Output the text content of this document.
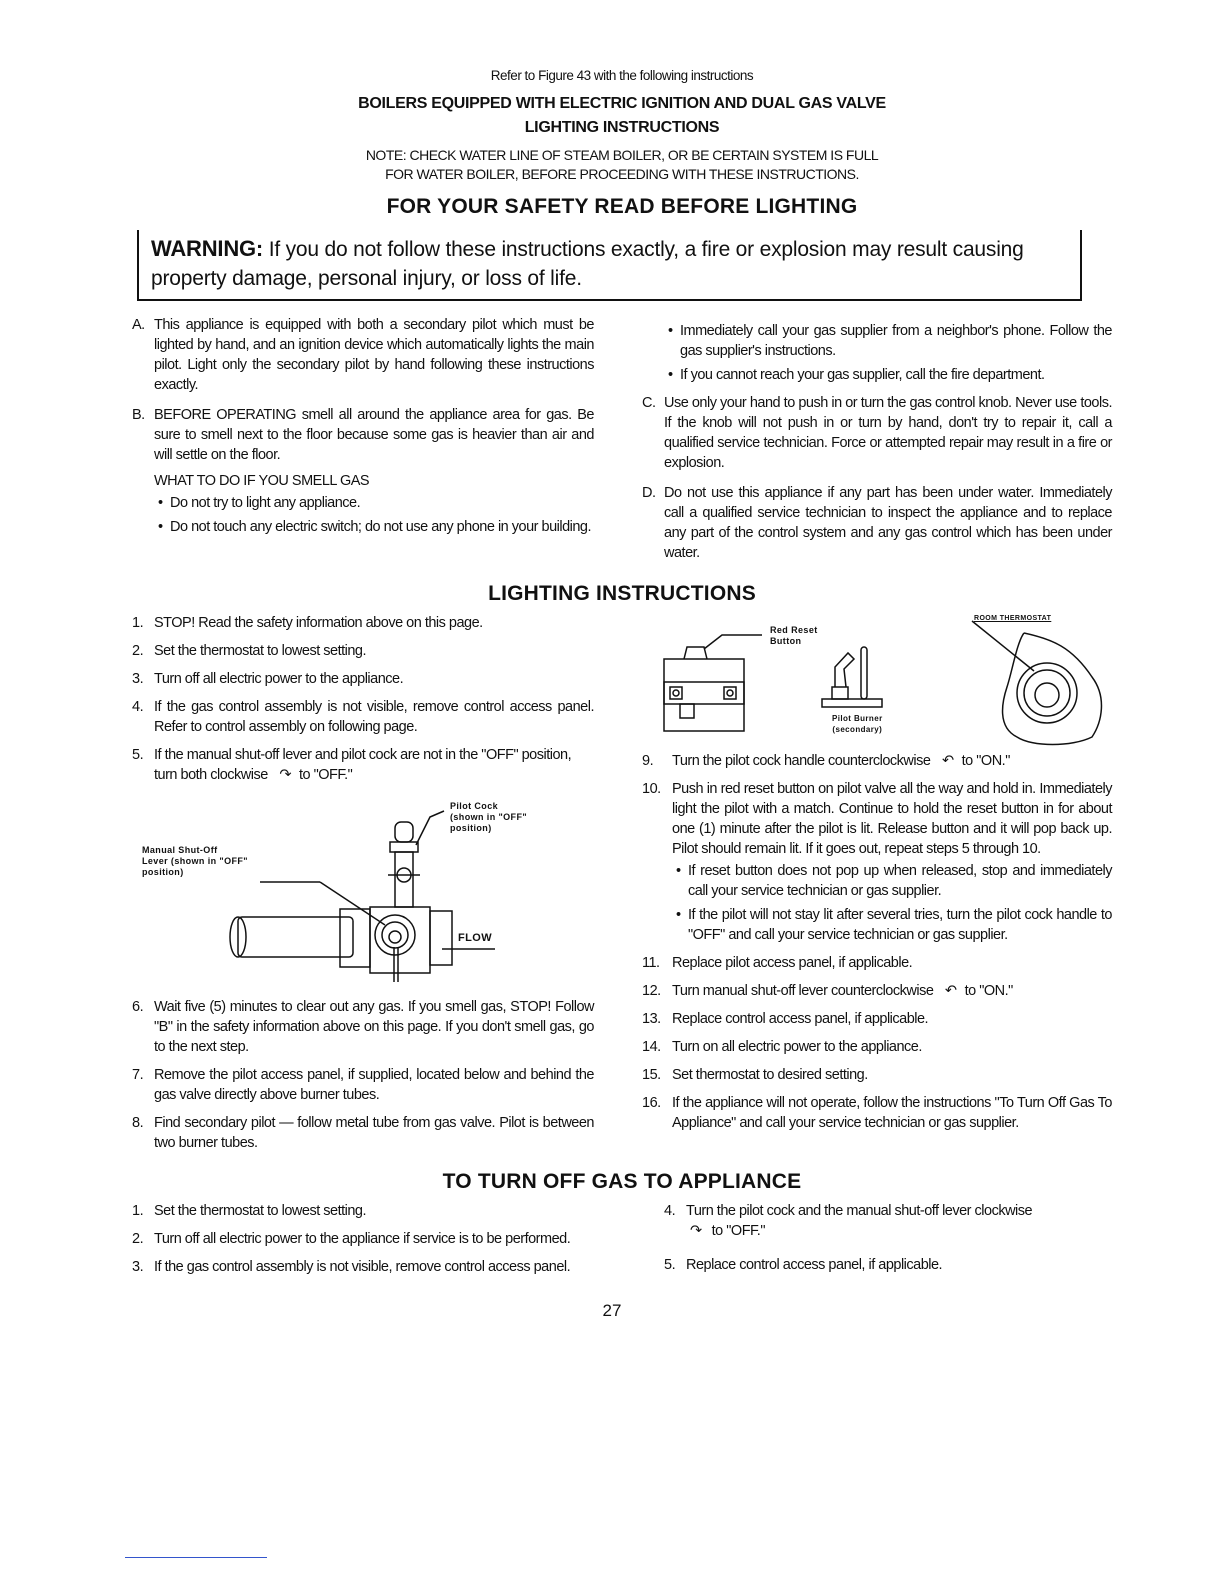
Refer to Figure 43 with the following instructions
BOILERS EQUIPPED WITH ELECTRIC IGNITION AND DUAL GAS VALVE
LIGHTING INSTRUCTIONS
NOTE: CHECK WATER LINE OF STEAM BOILER, OR BE CERTAIN SYSTEM IS FULL
FOR WATER BOILER, BEFORE PROCEEDING WITH THESE INSTRUCTIONS.
FOR YOUR SAFETY READ BEFORE LIGHTING
WARNING: If you do not follow these instructions exactly, a fire or explosion may result causing property damage, personal injury, or loss of life.
A. This appliance is equipped with both a secondary pilot which must be lighted by hand, and an ignition device which automatically lights the main pilot. Light only the secondary pilot by hand following these instructions exactly.
B. BEFORE OPERATING smell all around the appliance area for gas. Be sure to smell next to the floor because some gas is heavier than air and will settle on the floor.
WHAT TO DO IF YOU SMELL GAS
• Do not try to light any appliance.
• Do not touch any electric switch; do not use any phone in your building.
• Immediately call your gas supplier from a neighbor's phone. Follow the gas supplier's instructions.
• If you cannot reach your gas supplier, call the fire department.
C. Use only your hand to push in or turn the gas control knob. Never use tools. If the knob will not push in or turn by hand, don't try to repair it, call a qualified service technician. Force or attempted repair may result in a fire or explosion.
D. Do not use this appliance if any part has been under water. Immediately call a qualified service technician to inspect the appliance and to replace any part of the control system and any gas control which has been under water.
LIGHTING INSTRUCTIONS
1. STOP! Read the safety information above on this page.
2. Set the thermostat to lowest setting.
3. Turn off all electric power to the appliance.
4. If the gas control assembly is not visible, remove control access panel. Refer to control assembly on following page.
5. If the manual shut-off lever and pilot cock are not in the "OFF" position, turn both clockwise ↷ to "OFF."
Manual Shut-Off
Lever (shown in "OFF"
position)
Pilot Cock
(shown in "OFF"
position)
FLOW
6. Wait five (5) minutes to clear out any gas. If you smell gas, STOP! Follow "B" in the safety information above on this page. If you don't smell gas, go to the next step.
7. Remove the pilot access panel, if supplied, located below and behind the gas valve directly above burner tubes.
8. Find secondary pilot — follow metal tube from gas valve. Pilot is between two burner tubes.
Red Reset
Button
Pilot Burner
(secondary)
ROOM THERMOSTAT
9. Turn the pilot cock handle counterclockwise ↶ to "ON."
10. Push in red reset button on pilot valve all the way and hold in. Immediately light the pilot with a match. Continue to hold the reset button in for about one (1) minute after the pilot is lit. Release button and it will pop back up. Pilot should remain lit. If it goes out, repeat steps 5 through 10.
• If reset button does not pop up when released, stop and immediately call your service technician or gas supplier.
• If the pilot will not stay lit after several tries, turn the pilot cock handle to "OFF" and call your service technician or gas supplier.
11. Replace pilot access panel, if applicable.
12. Turn manual shut-off lever counterclockwise ↶ to "ON."
13. Replace control access panel, if applicable.
14. Turn on all electric power to the appliance.
15. Set thermostat to desired setting.
16. If the appliance will not operate, follow the instructions "To Turn Off Gas To Appliance" and call your service technician or gas supplier.
TO TURN OFF GAS TO APPLIANCE
1. Set the thermostat to lowest setting.
2. Turn off all electric power to the appliance if service is to be performed.
3. If the gas control assembly is not visible, remove control access panel.
4. Turn the pilot cock and the manual shut-off lever clockwise
↷ to "OFF."
5. Replace control access panel, if applicable.
27
